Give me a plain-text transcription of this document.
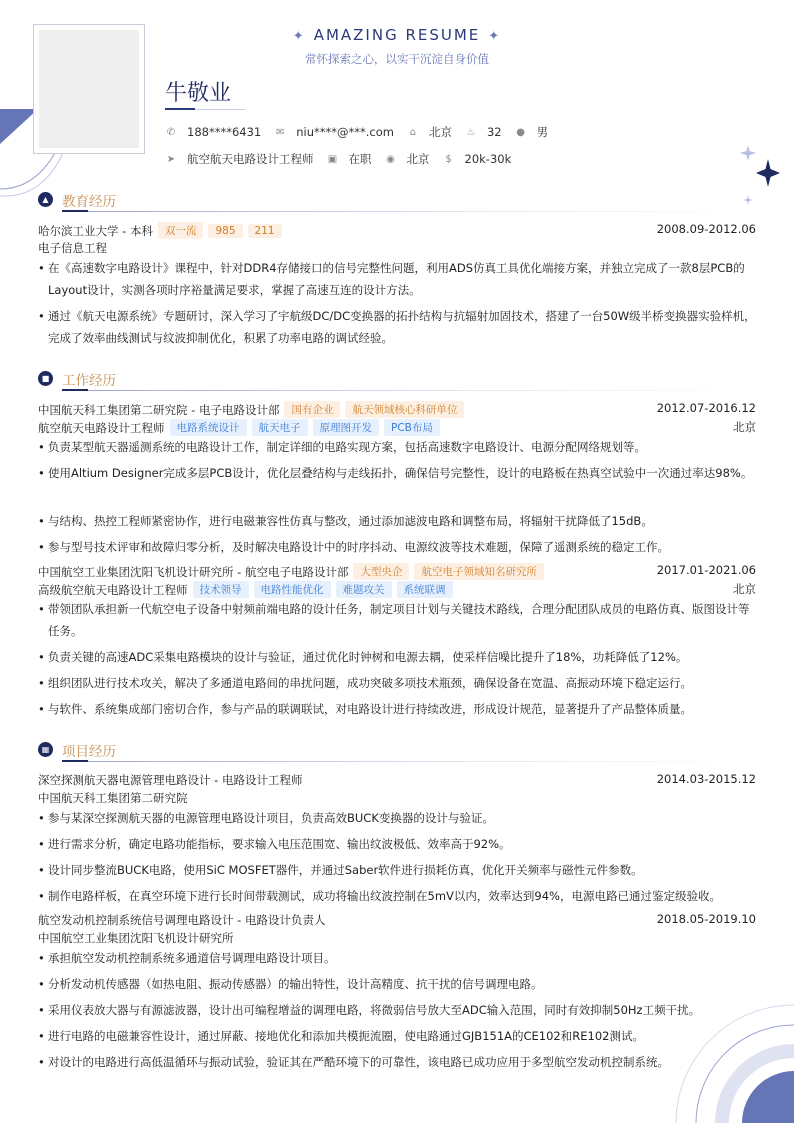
✦ AMAZING RESUME ✦
常怀探索之心，以实干沉淀自身价值
牛敬业
✆ 188****6431 ✉ niu****@***.com ⌂ 北京 ♨ 32 ● 男
➤ 航空航天电路设计工程师 ▣ 在职 ◉ 北京 $ 20k-30k
▲ 教育经历
哈尔滨工业大学 - 本科	双一流	985	211	2008.09-2012.06
电子信息工程
• 在《高速数字电路设计》课程中，针对DDR4存储接口的信号完整性问题，利用ADS仿真工具优化端接方案，并独立完成了一款8层PCB的Layout设计，实测各项时序裕量满足要求，掌握了高速互连的设计方法。
• 通过《航天电源系统》专题研讨，深入学习了宇航级DC/DC变换器的拓扑结构与抗辐射加固技术，搭建了一台50W级半桥变换器实验样机，完成了效率曲线测试与纹波抑制优化，积累了功率电路的调试经验。
■ 工作经历
中国航天科工集团第二研究院 - 电子电路设计部	国有企业	航天领域核心科研单位	2012.07-2016.12
航空航天电路设计工程师	电路系统设计	航天电子	原理图开发	PCB布局	北京
• 负责某型航天器遥测系统的电路设计工作，制定详细的电路实现方案，包括高速数字电路设计、电源分配网络规划等。
• 使用Altium Designer完成多层PCB设计，优化层叠结构与走线拓扑，确保信号完整性，设计的电路板在热真空试验中一次通过率达98%。
• 与结构、热控工程师紧密协作，进行电磁兼容性仿真与整改，通过添加滤波电路和调整布局，将辐射干扰降低了15dB。
• 参与型号技术评审和故障归零分析，及时解决电路设计中的时序抖动、电源纹波等技术难题，保障了遥测系统的稳定工作。
中国航空工业集团沈阳飞机设计研究所 - 航空电子电路设计部	大型央企	航空电子领域知名研究所	2017.01-2021.06
高级航空航天电路设计工程师	技术领导	电路性能优化	难题攻关	系统联调	北京
• 带领团队承担新一代航空电子设备中射频前端电路的设计任务，制定项目计划与关键技术路线，合理分配团队成员的电路仿真、版图设计等任务。
• 负责关键的高速ADC采集电路模块的设计与验证，通过优化时钟树和电源去耦，使采样信噪比提升了18%，功耗降低了12%。
• 组织团队进行技术攻关，解决了多通道电路间的串扰问题，成功突破多项技术瓶颈，确保设备在宽温、高振动环境下稳定运行。
• 与软件、系统集成部门密切合作，参与产品的联调联试，对电路设计进行持续改进，形成设计规范，显著提升了产品整体质量。
▦ 项目经历
深空探测航天器电源管理电路设计 - 电路设计工程师	2014.03-2015.12
中国航天科工集团第二研究院
• 参与某深空探测航天器的电源管理电路设计项目，负责高效BUCK变换器的设计与验证。
• 进行需求分析，确定电路功能指标，要求输入电压范围宽、输出纹波极低、效率高于92%。
• 设计同步整流BUCK电路，使用SiC MOSFET器件，并通过Saber软件进行损耗仿真，优化开关频率与磁性元件参数。
• 制作电路样板，在真空环境下进行长时间带载测试，成功将输出纹波控制在5mV以内，效率达到94%，电源电路已通过鉴定级验收。
航空发动机控制系统信号调理电路设计 - 电路设计负责人	2018.05-2019.10
中国航空工业集团沈阳飞机设计研究所
• 承担航空发动机控制系统多通道信号调理电路设计项目。
• 分析发动机传感器（如热电阻、振动传感器）的输出特性，设计高精度、抗干扰的信号调理电路。
• 采用仪表放大器与有源滤波器，设计出可编程增益的调理电路，将微弱信号放大至ADC输入范围，同时有效抑制50Hz工频干扰。
• 进行电路的电磁兼容性设计，通过屏蔽、接地优化和添加共模扼流圈，使电路通过GJB151A的CE102和RE102测试。
• 对设计的电路进行高低温循环与振动试验，验证其在严酷环境下的可靠性，该电路已成功应用于多型航空发动机控制系统。
